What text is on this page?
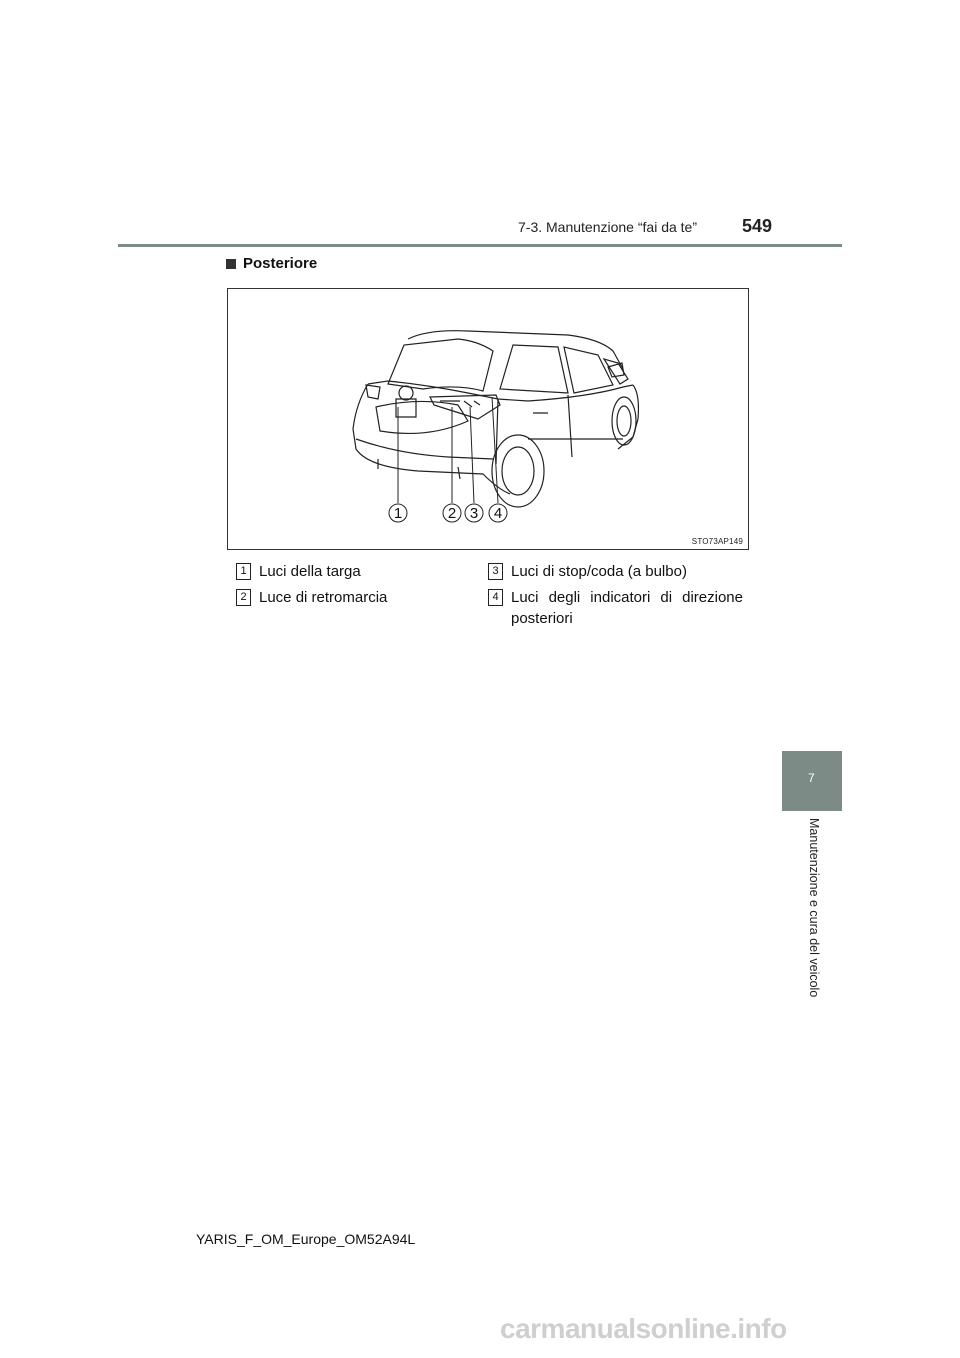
7-3. Manutenzione “fai da te”	549
Posteriore
1	2 3 4
STO73AP149
1 Luci della targa
2 Luce di retromarcia
3 Luci di stop/coda (a bulbo)
4 Luci degli indicatori di direzione posteriori
7
Manutenzione e cura del veicolo
YARIS_F_OM_Europe_OM52A94L
carmanualsonline.info
